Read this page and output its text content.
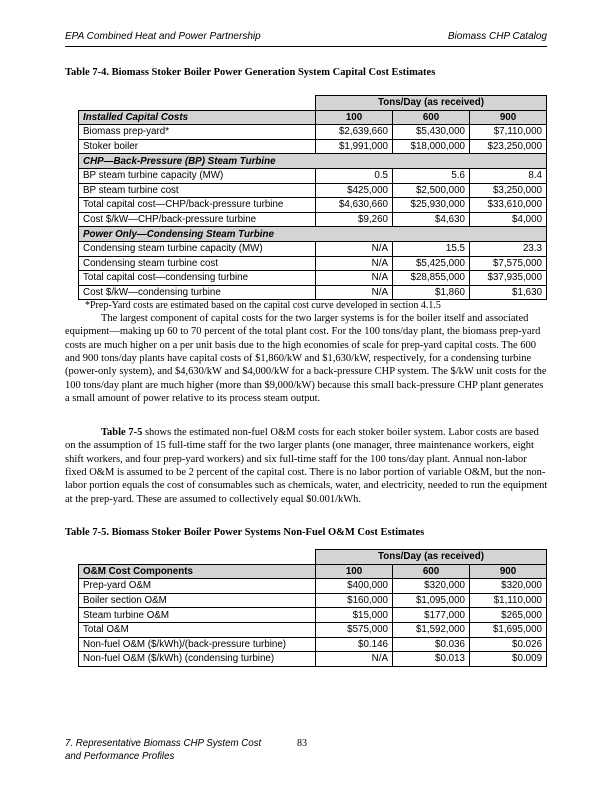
EPA Combined Heat and Power Partnership	Biomass CHP Catalog
Table 7-4. Biomass Stoker Boiler Power Generation System Capital Cost Estimates
	Tons/Day (as received)		
Installed Capital Costs	100	600	900
Biomass prep-yard*	$2,639,660	$5,430,000	$7,110,000
Stoker boiler	$1,991,000	$18,000,000	$23,250,000
CHP—Back-Pressure (BP) Steam Turbine			
BP steam turbine capacity (MW)	0.5	5.6	8.4
BP steam turbine cost	$425,000	$2,500,000	$3,250,000
Total capital cost—CHP/back-pressure turbine	$4,630,660	$25,930,000	$33,610,000
Cost $/kW—CHP/back-pressure turbine	$9,260	$4,630	$4,000
Power Only—Condensing Steam Turbine			
Condensing steam turbine capacity (MW)	N/A	15.5	23.3
Condensing steam turbine cost	N/A	$5,425,000	$7,575,000
Total capital cost—condensing turbine	N/A	$28,855,000	$37,935,000
Cost $/kW—condensing turbine	N/A	$1,860	$1,630
*Prep-Yard costs are estimated based on the capital cost curve developed in section 4.1.5

The largest component of capital costs for the two larger systems is for the boiler itself and associated equipment—making up 60 to 70 percent of the total plant cost. For the 100 tons/day plant, the biomass prep-yard costs are much higher on a per unit basis due to the high economies of scale for prep-yard capital costs. The 600 and 900 tons/day plants have capital costs of $1,860/kW and $1,630/kW, respectively, for a condensing turbine (power-only system), and $4,630/kW and $4,000/kW for a back-pressure CHP system. The $/kW unit costs for the 100 tons/day plant are much higher (more than $9,000/kW) because this small back-pressure CHP plant generates a small amount of power relative to its process steam output.

Table 7-5 shows the estimated non-fuel O&M costs for each stoker boiler system. Labor costs are based on the assumption of 15 full-time staff for the two larger plants (one manager, three maintenance workers, eight shift workers, and four prep-yard workers) and six full-time staff for the 100 tons/day plant. Annual non-labor fixed O&M is assumed to be 2 percent of the capital cost. There is no labor portion of variable O&M, but the non-labor portion equals the cost of consumables such as chemicals, water, and electricity, needed to run the equipment at the prep-yard. These are assumed to collectively equal $0.001/kWh.

Table 7-5. Biomass Stoker Boiler Power Systems Non-Fuel O&M Cost Estimates
	Tons/Day (as received)		
O&M Cost Components	100	600	900
Prep-yard O&M	$400,000	$320,000	$320,000
Boiler section O&M	$160,000	$1,095,000	$1,110,000
Steam turbine O&M	$15,000	$177,000	$265,000
Total O&M	$575,000	$1,592,000	$1,695,000
Non-fuel O&M ($/kWh)/(back-pressure turbine)	$0.146	$0.036	$0.026
Non-fuel O&M ($/kWh) (condensing turbine)	N/A	$0.013	$0.009
7. Representative Biomass CHP System Cost
and Performance Profiles
83
